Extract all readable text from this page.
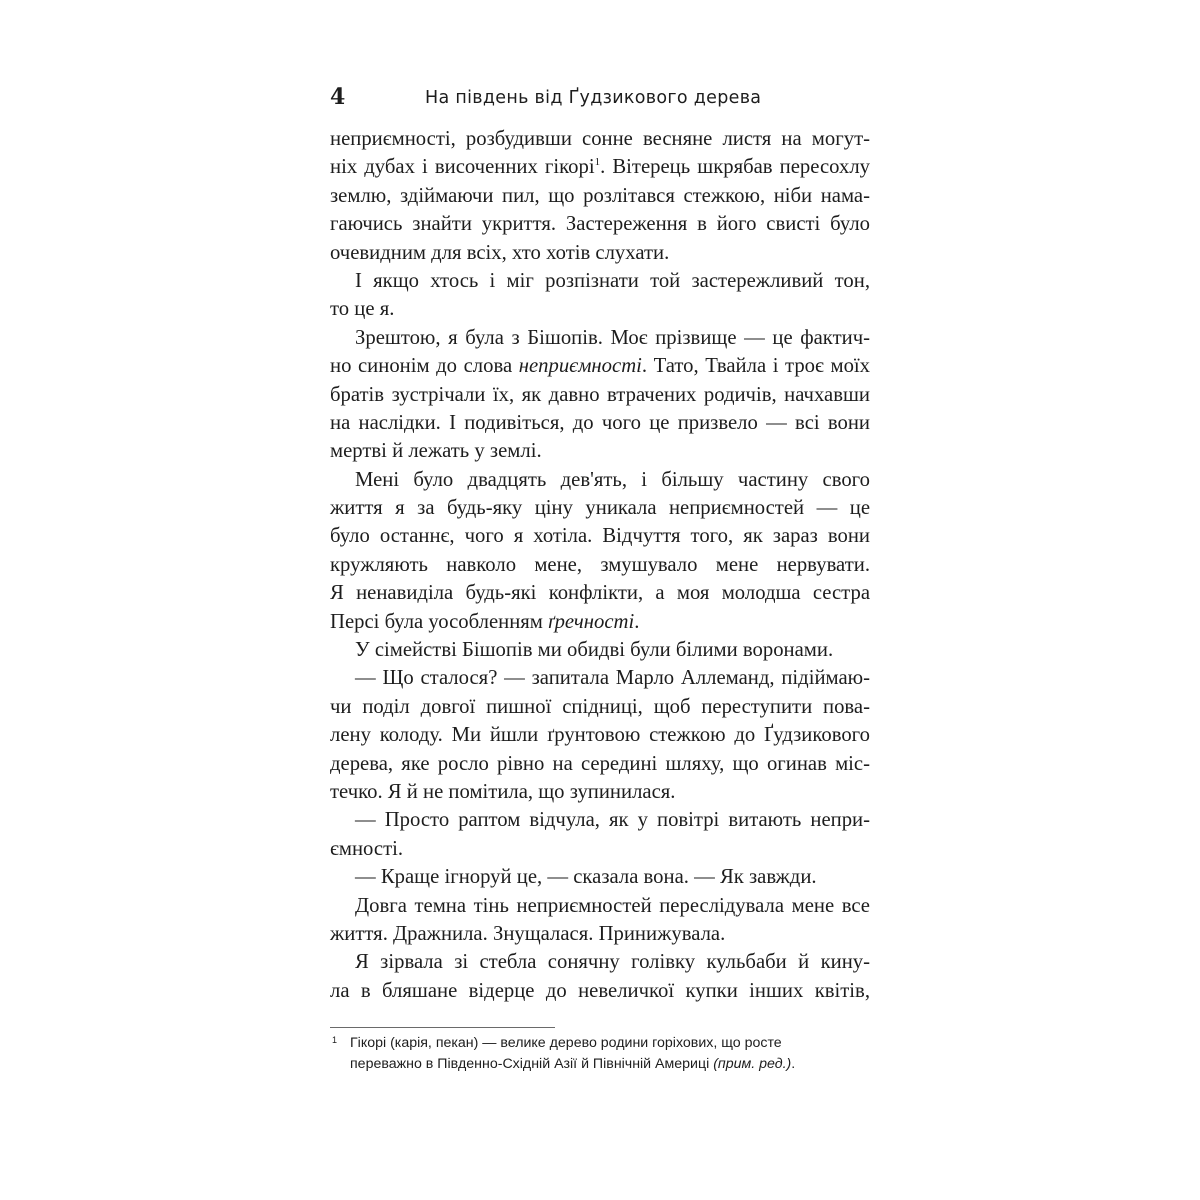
4	На південь від Ґудзикового дерева
неприємності, розбудивши сонне весняне листя на могут-
ніх дубах і височенних гікорі$^1$. Вітерець шкрябав пересохлу
землю, здіймаючи пил, що розлітався стежкою, ніби нама-
гаючись знайти укриття. Застереження в його свисті було
очевидним для всіх, хто хотів слухати.
І якщо хтось і міг розпізнати той застережливий тон,
то це я.
Зрештою, я була з Бішопів. Моє прізвище — це фактич-
но синонім до слова неприємності. Тато, Твайла і троє моїх
братів зустрічали їх, як давно втрачених родичів, начхавши
на наслідки. І подивіться, до чого це призвело — всі вони
мертві й лежать у землі.
Мені було двадцять дев'ять, і більшу частину свого
життя я за будь-яку ціну уникала неприємностей — це
було останнє, чого я хотіла. Відчуття того, як зараз вони
кружляють навколо мене, змушувало мене нервувати.
Я ненавиділа будь-які конфлікти, а моя молодша сестра
Персі була уособленням ґречності.
У сімействі Бішопів ми обидві були білими воронами.
— Що сталося? — запитала Марло Аллеманд, підіймаю-
чи поділ довгої пишної спідниці, щоб переступити пова-
лену колоду. Ми йшли ґрунтовою стежкою до Ґудзикового
дерева, яке росло рівно на середині шляху, що огинав міс-
течко. Я й не помітила, що зупинилася.
— Просто раптом відчула, як у повітрі витають непри-
ємності.
— Краще ігноруй це, — сказала вона. — Як завжди.
Довга темна тінь неприємностей переслідувала мене все
життя. Дражнила. Знущалася. Принижувала.
Я зірвала зі стебла сонячну голівку кульбаби й кину-
ла в бляшане відерце до невеличкої купки інших квітів,
1 Гікорі (карія, пекан) — велике дерево родини горіхових, що росте
переважно в Південно-Східній Азії й Північній Америці (прим. ред.).
